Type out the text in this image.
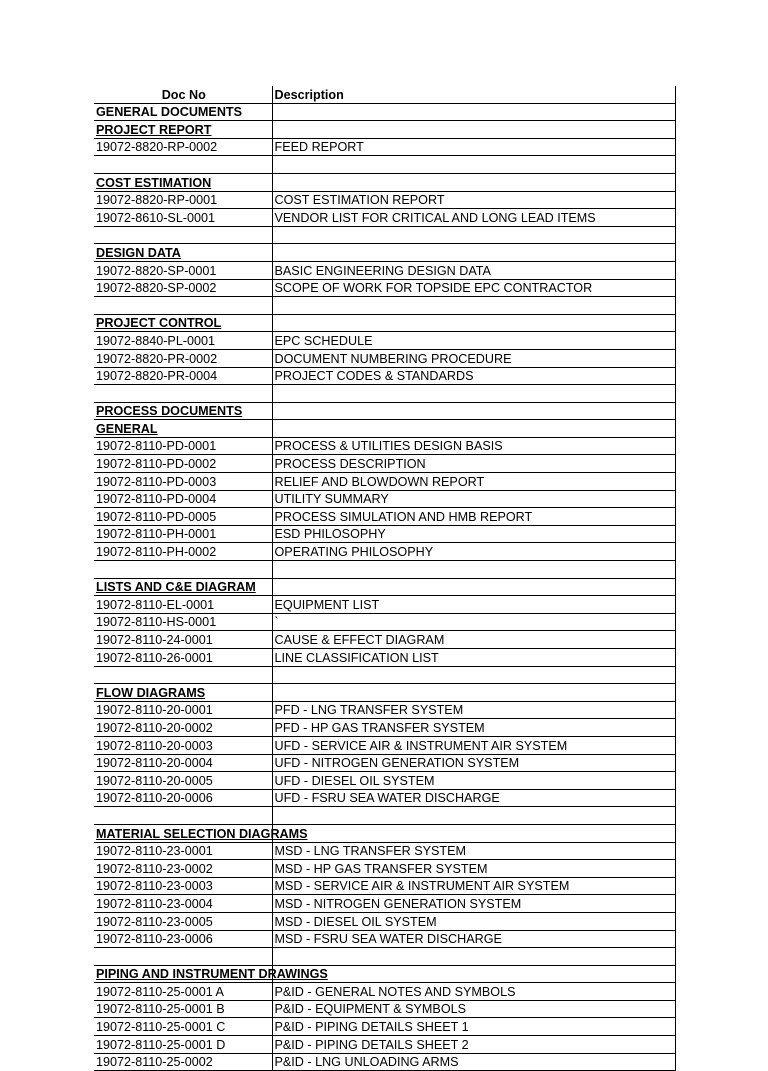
Doc No	Description
GENERAL DOCUMENTS	
PROJECT REPORT	
19072-8820-RP-0002	FEED REPORT

COST ESTIMATION	
19072-8820-RP-0001	COST ESTIMATION REPORT
19072-8610-SL-0001	VENDOR LIST FOR CRITICAL AND LONG LEAD ITEMS

DESIGN DATA	
19072-8820-SP-0001	BASIC ENGINEERING DESIGN DATA
19072-8820-SP-0002	SCOPE OF WORK FOR TOPSIDE EPC CONTRACTOR

PROJECT CONTROL	
19072-8840-PL-0001	EPC SCHEDULE
19072-8820-PR-0002	DOCUMENT NUMBERING PROCEDURE
19072-8820-PR-0004	PROJECT CODES & STANDARDS

PROCESS DOCUMENTS	
GENERAL	
19072-8110-PD-0001	PROCESS & UTILITIES DESIGN BASIS
19072-8110-PD-0002	PROCESS DESCRIPTION
19072-8110-PD-0003	RELIEF AND BLOWDOWN REPORT
19072-8110-PD-0004	UTILITY SUMMARY
19072-8110-PD-0005	PROCESS SIMULATION AND HMB REPORT
19072-8110-PH-0001	ESD PHILOSOPHY
19072-8110-PH-0002	OPERATING PHILOSOPHY

LISTS AND C&E DIAGRAM	
19072-8110-EL-0001	EQUIPMENT LIST
19072-8110-HS-0001	`
19072-8110-24-0001	CAUSE & EFFECT DIAGRAM
19072-8110-26-0001	LINE CLASSIFICATION LIST

FLOW DIAGRAMS	
19072-8110-20-0001	PFD - LNG TRANSFER SYSTEM
19072-8110-20-0002	PFD - HP GAS TRANSFER SYSTEM
19072-8110-20-0003	UFD - SERVICE AIR & INSTRUMENT AIR SYSTEM
19072-8110-20-0004	UFD - NITROGEN GENERATION SYSTEM
19072-8110-20-0005	UFD - DIESEL OIL SYSTEM
19072-8110-20-0006	UFD - FSRU SEA WATER DISCHARGE

MATERIAL SELECTION DIAGRAMS	
19072-8110-23-0001	MSD - LNG TRANSFER SYSTEM
19072-8110-23-0002	MSD - HP GAS TRANSFER SYSTEM
19072-8110-23-0003	MSD - SERVICE AIR & INSTRUMENT AIR SYSTEM
19072-8110-23-0004	MSD - NITROGEN GENERATION SYSTEM
19072-8110-23-0005	MSD - DIESEL OIL SYSTEM
19072-8110-23-0006	MSD - FSRU SEA WATER DISCHARGE

PIPING AND INSTRUMENT DRAWINGS	
19072-8110-25-0001 A	P&ID - GENERAL NOTES AND SYMBOLS
19072-8110-25-0001 B	P&ID - EQUIPMENT & SYMBOLS
19072-8110-25-0001 C	P&ID - PIPING DETAILS SHEET 1
19072-8110-25-0001 D	P&ID - PIPING DETAILS SHEET 2
19072-8110-25-0002	P&ID - LNG UNLOADING ARMS
